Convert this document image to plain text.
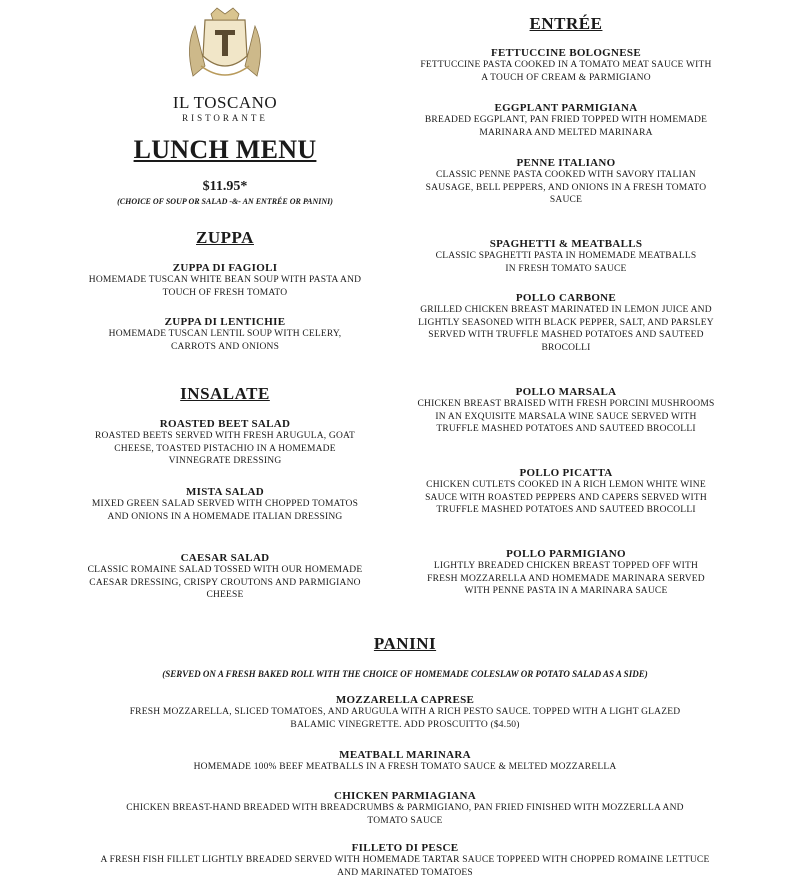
IL TOSCANO
RISTORANTE
LUNCH MENU
$11.95*
(CHOICE OF SOUP OR SALAD -&- AN ENTRÉE OR PANINI)
ZUPPA
ZUPPA DI FAGIOLI
HOMEMADE TUSCAN WHITE BEAN SOUP WITH PASTA AND TOUCH OF FRESH TOMATO
ZUPPA DI LENTICHIE
HOMEMADE TUSCAN LENTIL SOUP WITH CELERY, CARROTS AND ONIONS
INSALATE
ROASTED BEET SALAD
ROASTED BEETS SERVED WITH FRESH ARUGULA, GOAT CHEESE, TOASTED PISTACHIO IN A HOMEMADE VINNEGRATE DRESSING
MISTA SALAD
MIXED GREEN SALAD SERVED WITH CHOPPED TOMATOS AND ONIONS IN A HOMEMADE ITALIAN DRESSING
CAESAR SALAD
CLASSIC ROMAINE SALAD TOSSED WITH OUR HOMEMADE CAESAR DRESSING, CRISPY CROUTONS AND PARMIGIANO CHEESE
ENTRÉE
FETTUCCINE BOLOGNESE
FETTUCCINE PASTA COOKED IN A TOMATO MEAT SAUCE WITH A TOUCH OF CREAM & PARMIGIANO
EGGPLANT PARMIGIANA
BREADED EGGPLANT, PAN FRIED TOPPED WITH HOMEMADE MARINARA AND MELTED MARINARA
PENNE ITALIANO
CLASSIC PENNE PASTA COOKED WITH SAVORY ITALIAN SAUSAGE, BELL PEPPERS, AND ONIONS IN A FRESH TOMATO SAUCE
SPAGHETTI & MEATBALLS
CLASSIC SPAGHETTI PASTA IN HOMEMADE MEATBALLS IN FRESH TOMATO SAUCE
POLLO CARBONE
GRILLED CHICKEN BREAST MARINATED IN LEMON JUICE AND LIGHTLY SEASONED WITH BLACK PEPPER, SALT, AND PARSLEY SERVED WITH TRUFFLE MASHED POTATOES AND SAUTEED BROCOLLI
POLLO MARSALA
CHICKEN BREAST BRAISED WITH FRESH PORCINI MUSHROOMS IN AN EXQUISITE MARSALA WINE SAUCE SERVED WITH TRUFFLE MASHED POTATOES AND SAUTEED BROCOLLI
POLLO PICATTA
CHICKEN CUTLETS COOKED IN A RICH LEMON WHITE WINE SAUCE WITH ROASTED PEPPERS AND CAPERS SERVED WITH TRUFFLE MASHED POTATOES AND SAUTEED BROCOLLI
POLLO PARMIGIANO
LIGHTLY BREADED CHICKEN BREAST TOPPED OFF WITH FRESH MOZZARELLA AND HOMEMADE MARINARA SERVED WITH PENNE PASTA IN A MARINARA SAUCE
PANINI
(SERVED ON A FRESH BAKED ROLL WITH THE CHOICE OF HOMEMADE COLESLAW OR POTATO SALAD AS A SIDE)
MOZZARELLA CAPRESE
FRESH MOZZARELLA, SLICED TOMATOES, AND ARUGULA WITH A RICH PESTO SAUCE. TOPPED WITH A LIGHT GLAZED BALAMIC VINEGRETTE. ADD PROSCUITTO ($4.50)
MEATBALL MARINARA
HOMEMADE 100% BEEF MEATBALLS IN A FRESH TOMATO SAUCE & MELTED MOZZARELLA
CHICKEN PARMIAGIANA
CHICKEN BREAST-HAND BREADED WITH BREADCRUMBS & PARMIGIANO, PAN FRIED FINISHED WITH MOZZERLLA AND TOMATO SAUCE
FILLETO DI PESCE
A FRESH FISH FILLET LIGHTLY BREADED SERVED WITH HOMEMADE TARTAR SAUCE TOPPEED WITH CHOPPED ROMAINE LETTUCE AND MARINATED TOMATOES
